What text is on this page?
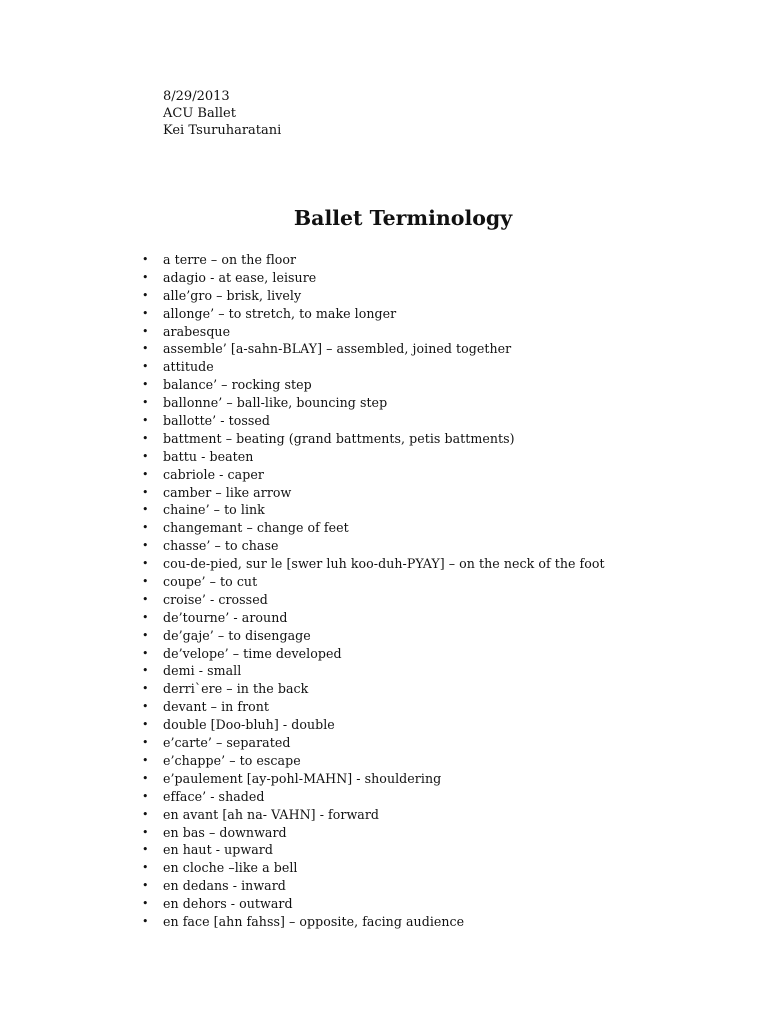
8/29/2013
ACU Ballet
Kei Tsuruharatani
Ballet Terminology
• a terre – on the floor
• adagio - at ease, leisure
• alle’gro – brisk, lively
• allonge’ – to stretch, to make longer
• arabesque
• assemble’ [a-sahn-BLAY] – assembled, joined together
• attitude
• balance’ – rocking step
• ballonne’ – ball-like, bouncing step
• ballotte’ - tossed
• battment – beating (grand battments, petis battments)
• battu - beaten
• cabriole - caper
• camber – like arrow
• chaine’ – to link
• changemant – change of feet
• chasse’ – to chase
• cou-de-pied, sur le [swer luh koo-duh-PYAY] – on the neck of the foot
• coupe’ – to cut
• croise’ - crossed
• de’tourne’ - around
• de’gaje’ – to disengage
• de’velope’ – time developed
• demi - small
• derri`ere – in the back
• devant – in front
• double [Doo-bluh] - double
• e’carte’ – separated
• e’chappe’ – to escape
• e’paulement [ay-pohl-MAHN] - shouldering
• efface’ - shaded
• en avant [ah na- VAHN] - forward
• en bas – downward
• en haut - upward
• en cloche –like a bell
• en dedans - inward
• en dehors - outward
• en face [ahn fahss] – opposite, facing audience
